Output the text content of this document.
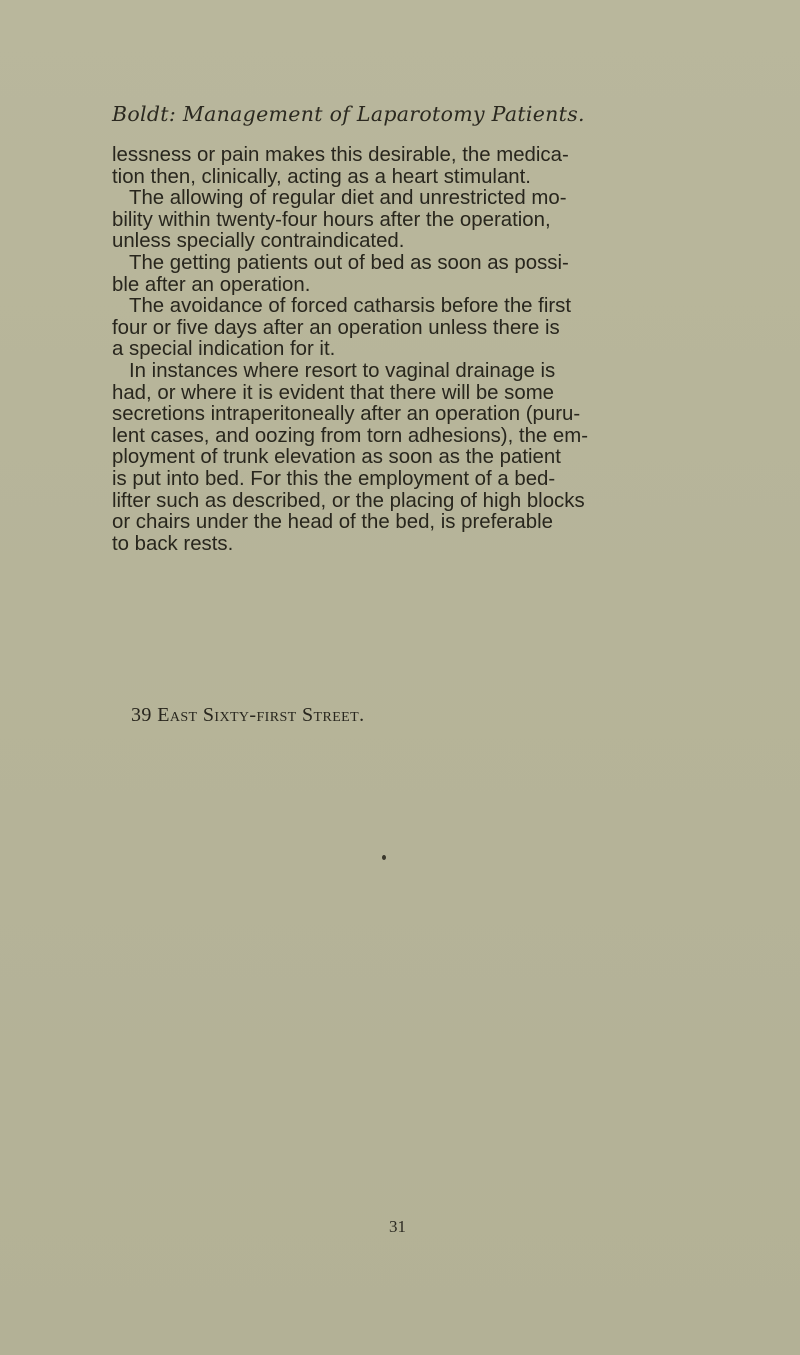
Boldt: Management of Laparotomy Patients.
lessness or pain makes this desirable, the medica-
tion then, clinically, acting as a heart stimulant.
The allowing of regular diet and unrestricted mo-
bility within twenty-four hours after the operation,
unless specially contraindicated.
The getting patients out of bed as soon as possi-
ble after an operation.
The avoidance of forced catharsis before the first
four or five days after an operation unless there is
a special indication for it.
In instances where resort to vaginal drainage is
had, or where it is evident that there will be some
secretions intraperitoneally after an operation (puru-
lent cases, and oozing from torn adhesions), the em-
ployment of trunk elevation as soon as the patient
is put into bed. For this the employment of a bed-
lifter such as described, or the placing of high blocks
or chairs under the head of the bed, is preferable
to back rests.
39 East Sixty-first Street.
31
